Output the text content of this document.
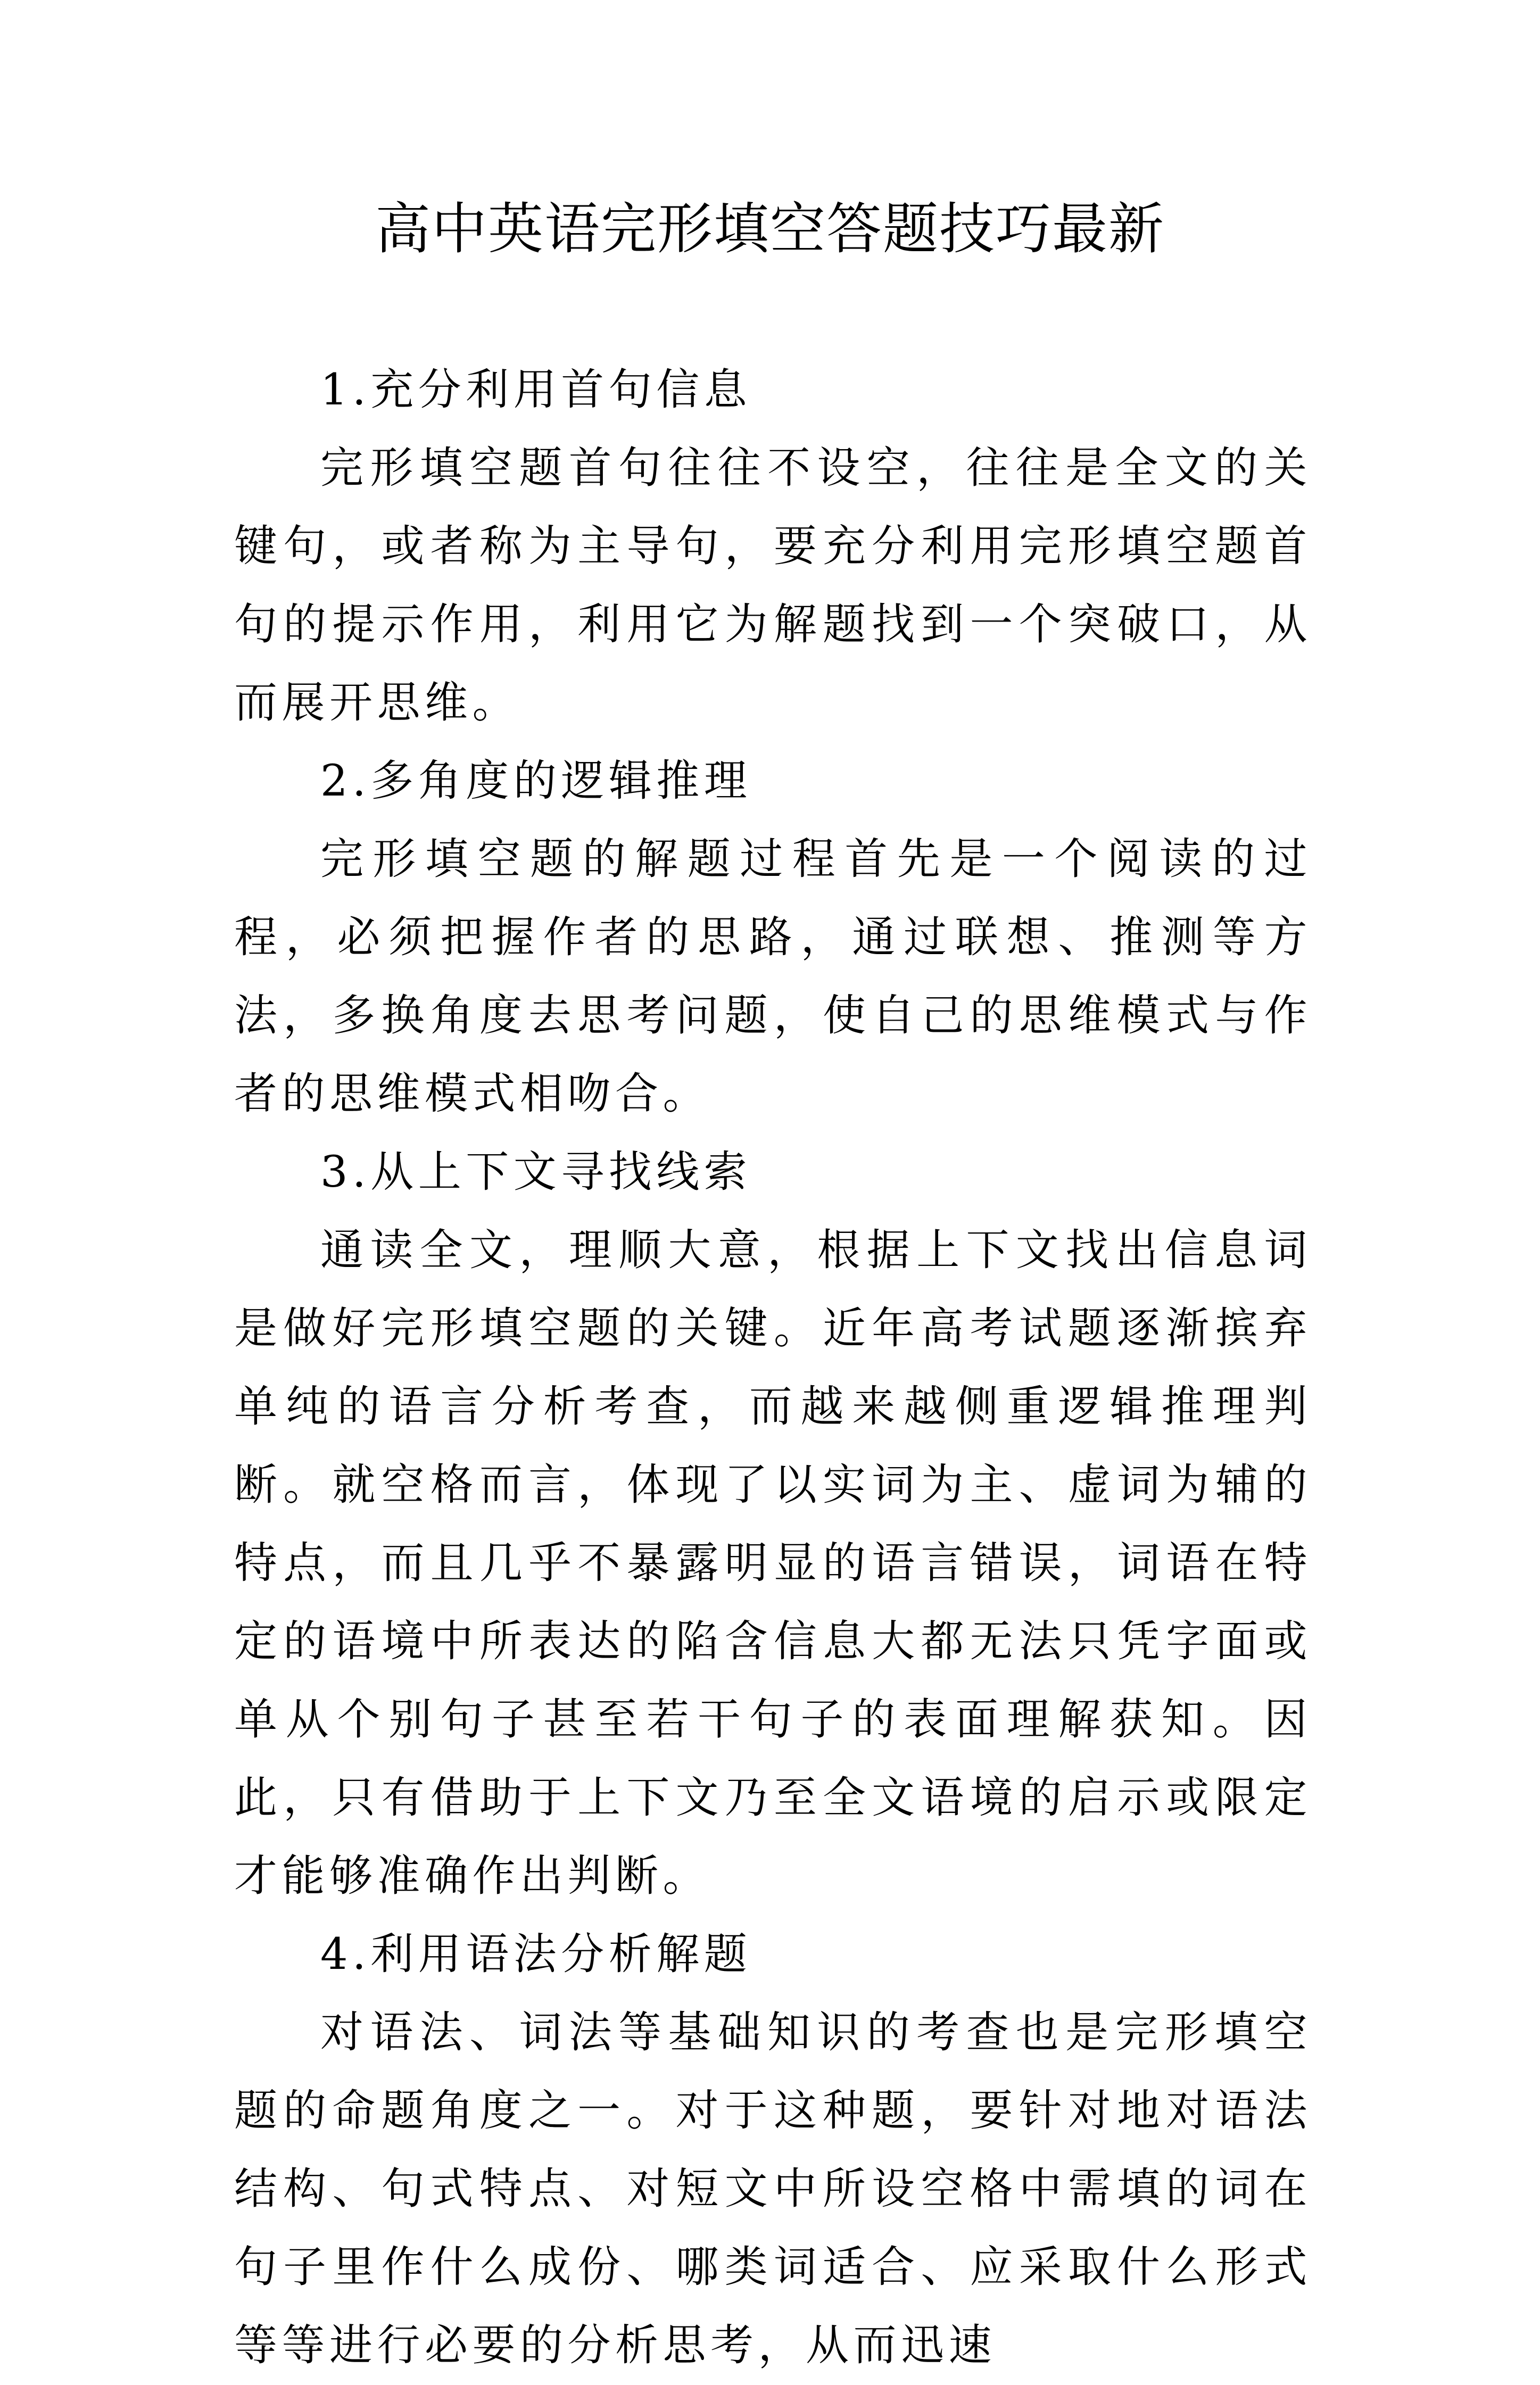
高中英语完形填空答题技巧最新

1.充分利用首句信息

完形填空题首句往往不设空，往往是全文的关键句，或者称为主导句，要充分利用完形填空题首句的提示作用，利用它为解题找到一个突破口，从而展开思维。

2.多角度的逻辑推理

完形填空题的解题过程首先是一个阅读的过程，必须把握作者的思路，通过联想、推测等方法，多换角度去思考问题，使自己的思维模式与作者的思维模式相吻合。

3.从上下文寻找线索

通读全文，理顺大意，根据上下文找出信息词是做好完形填空题的关键。近年高考试题逐渐摈弃单纯的语言分析考查，而越来越侧重逻辑推理判断。就空格而言，体现了以实词为主、虚词为辅的特点，而且几乎不暴露明显的语言错误，词语在特定的语境中所表达的陷含信息大都无法只凭字面或单从个别句子甚至若干句子的表面理解获知。因此，只有借助于上下文乃至全文语境的启示或限定才能够准确作出判断。

4.利用语法分析解题

对语法、词法等基础知识的考查也是完形填空题的命题角度之一。对于这种题，要针对地对语法结构、句式特点、对短文中所设空格中需填的词在句子里作什么成份、哪类词适合、应采取什么形式等等进行必要的分析思考，从而迅速
